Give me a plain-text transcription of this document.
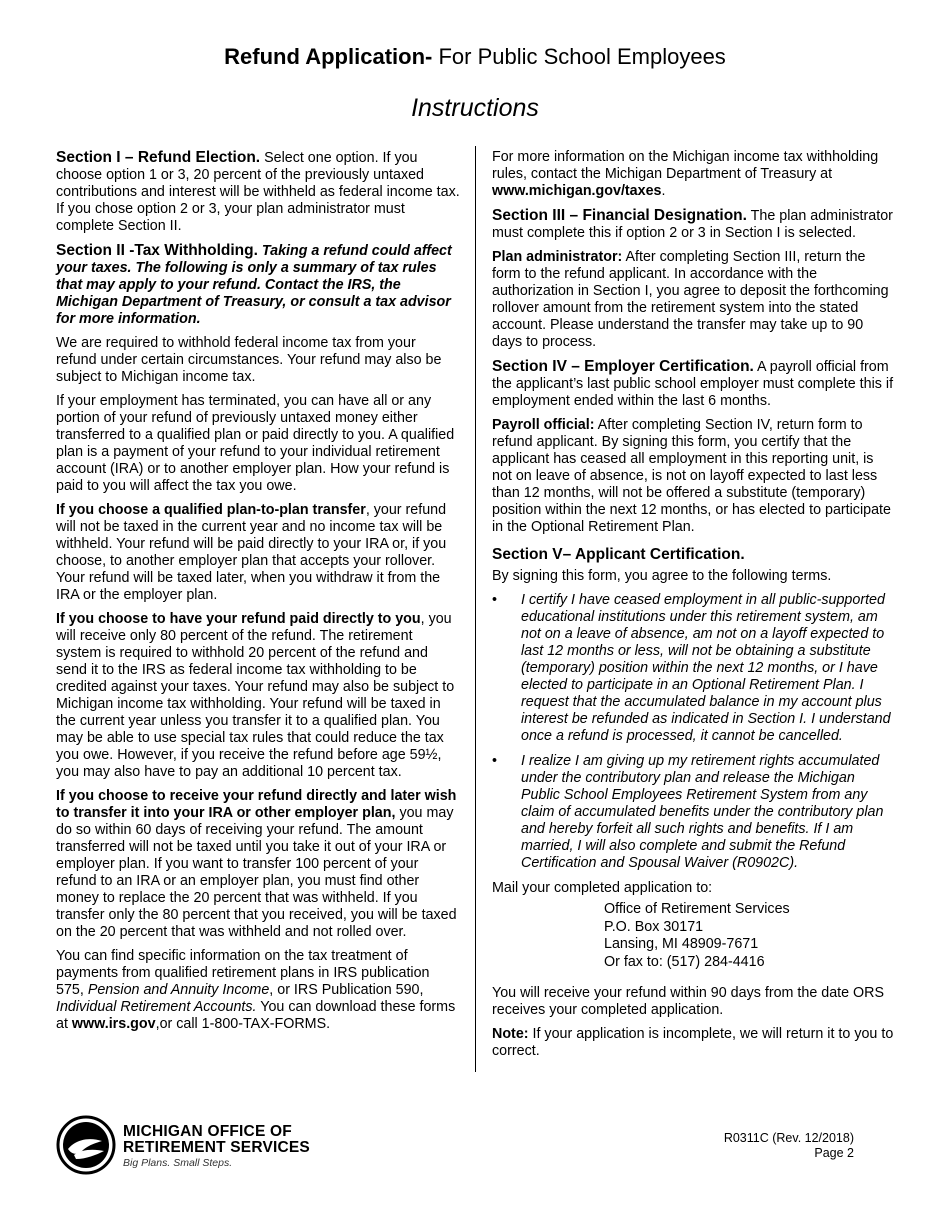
Refund Application- For Public School Employees
Instructions

Section I – Refund Election. Select one option. If you choose option 1 or 3, 20 percent of the previously untaxed contributions and interest will be withheld as federal income tax. If you chose option 2 or 3, your plan administrator must complete Section II.

Section II -Tax Withholding. Taking a refund could affect your taxes. The following is only a summary of tax rules that may apply to your refund. Contact the IRS, the Michigan Department of Treasury, or consult a tax advisor for more information.

We are required to withhold federal income tax from your refund under certain circumstances. Your refund may also be subject to Michigan income tax.

If your employment has terminated, you can have all or any portion of your refund of previously untaxed money either transferred to a qualified plan or paid directly to you. A qualified plan is a payment of your refund to your individual retirement account (IRA) or to another employer plan. How your refund is paid to you will affect the tax you owe.

If you choose a qualified plan-to-plan transfer, your refund will not be taxed in the current year and no income tax will be withheld. Your refund will be paid directly to your IRA or, if you choose, to another employer plan that accepts your rollover. Your refund will be taxed later, when you withdraw it from the IRA or the employer plan.

If you choose to have your refund paid directly to you, you will receive only 80 percent of the refund. The retirement system is required to withhold 20 percent of the refund and send it to the IRS as federal income tax withholding to be credited against your taxes. Your refund may also be subject to Michigan income tax withholding. Your refund will be taxed in the current year unless you transfer it to a qualified plan. You may be able to use special tax rules that could reduce the tax you owe. However, if you receive the refund before age 59½, you may also have to pay an additional 10 percent tax.

If you choose to receive your refund directly and later wish to transfer it into your IRA or other employer plan, you may do so within 60 days of receiving your refund. The amount transferred will not be taxed until you take it out of your IRA or employer plan. If you want to transfer 100 percent of your refund to an IRA or an employer plan, you must find other money to replace the 20 percent that was withheld. If you transfer only the 80 percent that you received, you will be taxed on the 20 percent that was withheld and not rolled over.

You can find specific information on the tax treatment of payments from qualified retirement plans in IRS publication 575, Pension and Annuity Income, or IRS Publication 590, Individual Retirement Accounts. You can download these forms at www.irs.gov,or call 1-800-TAX-FORMS.

For more information on the Michigan income tax withholding rules, contact the Michigan Department of Treasury at www.michigan.gov/taxes.

Section III – Financial Designation. The plan administrator must complete this if option 2 or 3 in Section I is selected.

Plan administrator: After completing Section III, return the form to the refund applicant. In accordance with the authorization in Section I, you agree to deposit the forthcoming rollover amount from the retirement system into the stated account. Please understand the transfer may take up to 90 days to process.

Section IV – Employer Certification. A payroll official from the applicant’s last public school employer must complete this if employment ended within the last 6 months.

Payroll official: After completing Section IV, return form to refund applicant. By signing this form, you certify that the applicant has ceased all employment in this reporting unit, is not on leave of absence, is not on layoff expected to last less than 12 months, will not be offered a substitute (temporary) position within the next 12 months, or has elected to participate in the Optional Retirement Plan.

Section V– Applicant Certification.

By signing this form, you agree to the following terms.

• I certify I have ceased employment in all public-supported educational institutions under this retirement system, am not on a leave of absence, am not on a layoff expected to last 12 months or less, will not be obtaining a substitute (temporary) position within the next 12 months, or I have elected to participate in an Optional Retirement Plan. I request that the accumulated balance in my account plus interest be refunded as indicated in Section I. I understand once a refund is processed, it cannot be cancelled.
• I realize I am giving up my retirement rights accumulated under the contributory plan and release the Michigan Public School Employees Retirement System from any claim of accumulated benefits under the contributory plan and hereby forfeit all such rights and benefits. If I am married, I will also complete and submit the Refund Certification and Spousal Waiver (R0902C).

Mail your completed application to:

Office of Retirement Services
P.O. Box 30171
Lansing, MI 48909-7671
Or fax to: (517) 284-4416

You will receive your refund within 90 days from the date ORS receives your completed application.

Note: If your application is incomplete, we will return it to you to correct.

MICHIGAN OFFICE OF
RETIREMENT SERVICES
Big Plans. Small Steps.
R0311C (Rev. 12/2018)
Page 2
